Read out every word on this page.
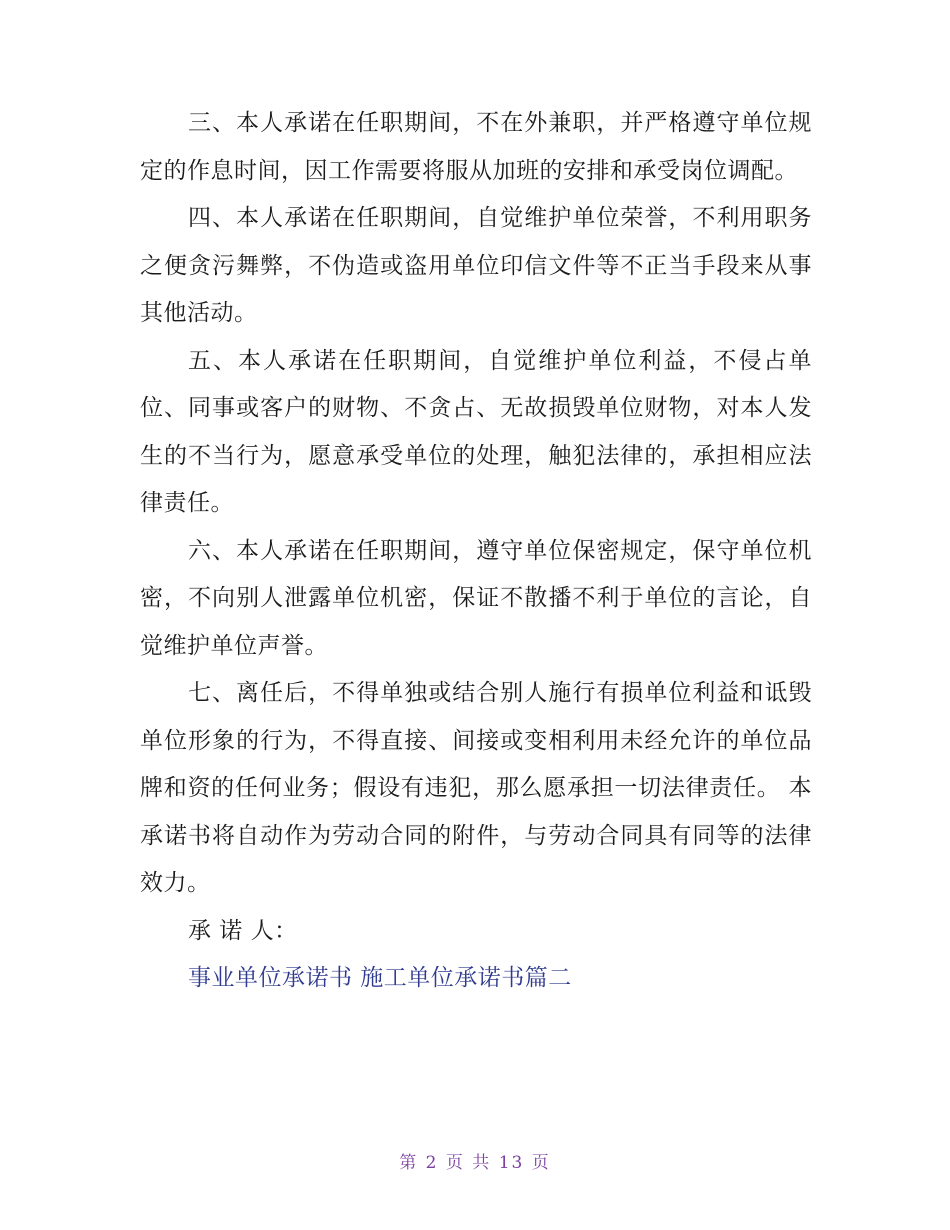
三、本人承诺在任职期间，不在外兼职，并严格遵守单位规定的作息时间，因工作需要将服从加班的安排和承受岗位调配。

四、本人承诺在任职期间，自觉维护单位荣誉，不利用职务之便贪污舞弊，不伪造或盗用单位印信文件等不正当手段来从事其他活动。

五、本人承诺在任职期间，自觉维护单位利益，不侵占单位、同事或客户的财物、不贪占、无故损毁单位财物，对本人发生的不当行为，愿意承受单位的处理，触犯法律的，承担相应法律责任。

六、本人承诺在任职期间，遵守单位保密规定，保守单位机密，不向别人泄露单位机密，保证不散播不利于单位的言论，自觉维护单位声誉。

七、离任后，不得单独或结合别人施行有损单位利益和诋毁单位形象的行为，不得直接、间接或变相利用未经允许的单位品牌和资的任何业务；假设有违犯，那么愿承担一切法律责任。 本承诺书将自动作为劳动合同的附件，与劳动合同具有同等的法律效力。

承 诺 人：

事业单位承诺书 施工单位承诺书篇二

第 2 页 共 13 页
